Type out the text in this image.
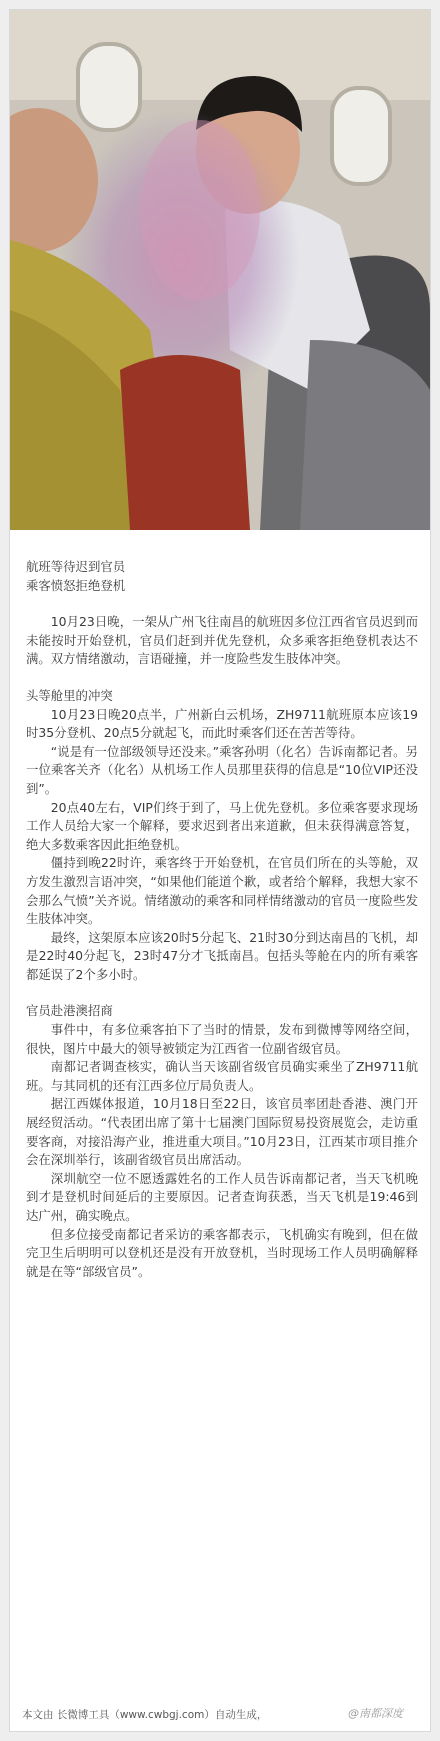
航班等待迟到官员

乘客愤怒拒绝登机

10月23日晚，一架从广州飞往南昌的航班因多位江西省官员迟到而未能按时开始登机，官员们赶到并优先登机，众多乘客拒绝登机表达不满。双方情绪激动，言语碰撞，并一度险些发生肢体冲突。

头等舱里的冲突

10月23日晚20点半，广州新白云机场，ZH9711航班原本应该19时35分登机、20点5分就起飞，而此时乘客们还在苦苦等待。

“说是有一位部级领导还没来。”乘客孙明（化名）告诉南都记者。另一位乘客关齐（化名）从机场工作人员那里获得的信息是“10位VIP还没到”。

20点40左右，VIP们终于到了，马上优先登机。多位乘客要求现场工作人员给大家一个解释，要求迟到者出来道歉，但未获得满意答复，绝大多数乘客因此拒绝登机。

僵持到晚22时许，乘客终于开始登机，在官员们所在的头等舱，双方发生激烈言语冲突，“如果他们能道个歉，或者给个解释，我想大家不会那么气愤”关齐说。情绪激动的乘客和同样情绪激动的官员一度险些发生肢体冲突。

最终，这架原本应该20时5分起飞、21时30分到达南昌的飞机，却是22时40分起飞，23时47分才飞抵南昌。包括头等舱在内的所有乘客都延误了2个多小时。

官员赴港澳招商

事件中，有多位乘客拍下了当时的情景，发布到微博等网络空间，很快，图片中最大的领导被锁定为江西省一位副省级官员。

南都记者调查核实，确认当天该副省级官员确实乘坐了ZH9711航班。与其同机的还有江西多位厅局负责人。

据江西媒体报道，10月18日至22日，该官员率团赴香港、澳门开展经贸活动。“代表团出席了第十七届澳门国际贸易投资展览会，走访重要客商，对接沿海产业，推进重大项目。”10月23日，江西某市项目推介会在深圳举行，该副省级官员出席活动。

深圳航空一位不愿透露姓名的工作人员告诉南都记者，当天飞机晚到才是登机时间延后的主要原因。记者查询获悉，当天飞机是19:46到达广州，确实晚点。

但多位接受南都记者采访的乘客都表示，飞机确实有晚到，但在做完卫生后明明可以登机还是没有开放登机，当时现场工作人员明确解释就是在等“部级官员”。

本文由 长微博工具（www.cwbgj.com）自动生成，	@南都深度
